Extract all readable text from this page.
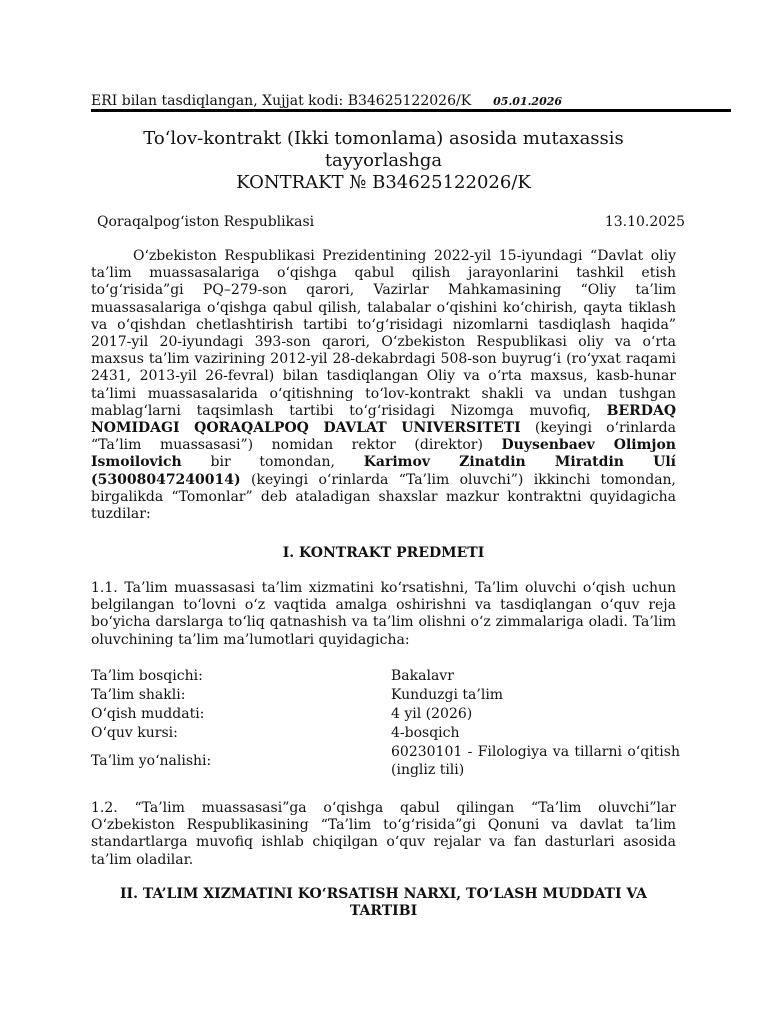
ERI bilan tasdiqlangan, Xujjat kodi: B34625122026/K 05.01.2026
To‘lov-kontrakt (Ikki tomonlama) asosida mutaxassis
tayyorlashga
KONTRAKT № B34625122026/K
Qoraqalpogʻiston Respublikasi	13.10.2025
O‘zbekiston Respublikasi Prezidentining 2022-yil 15-iyundagi “Davlat oliy ta’lim muassasalariga o‘qishga qabul qilish jarayonlarini tashkil etish to‘g‘risida”gi PQ–279-son qarori, Vazirlar Mahkamasining “Oliy ta’lim muassasalariga o‘qishga qabul qilish, talabalar o‘qishini ko‘chirish, qayta tiklash va o‘qishdan chetlashtirish tartibi to‘g‘risidagi nizomlarni tasdiqlash haqida” 2017-yil 20-iyundagi 393-son qarori, O‘zbekiston Respublikasi oliy va o‘rta maxsus ta’lim vazirining 2012-yil 28-dekabrdagi 508-son buyrug‘i (ro‘yxat raqami 2431, 2013-yil 26-fevral) bilan tasdiqlangan Oliy va o‘rta maxsus, kasb-hunar ta’limi muassasalarida o‘qitishning to‘lov-kontrakt shakli va undan tushgan mablag‘larni taqsimlash tartibi to‘g‘risidagi Nizomga muvofiq, BERDAQ NOMIDAGI QORAQALPOQ DAVLAT UNIVERSITETI (keyingi o‘rinlarda “Ta’lim muassasasi”) nomidan rektor (direktor) Duysenbaev Olimjon Ismoilovich bir tomondan, Karimov Zinatdin Miratdin Ulí (53008047240014) (keyingi o‘rinlarda “Ta’lim oluvchi”) ikkinchi tomondan, birgalikda “Tomonlar” deb ataladigan shaxslar mazkur kontraktni quyidagicha tuzdilar:
I. KONTRAKT PREDMETI
1.1. Ta’lim muassasasi ta’lim xizmatini ko‘rsatishni, Ta’lim oluvchi o‘qish uchun belgilangan to‘lovni o‘z vaqtida amalga oshirishni va tasdiqlangan o‘quv reja bo‘yicha darslarga to‘liq qatnashish va ta’lim olishni o‘z zimmalariga oladi. Ta’lim oluvchining ta’lim ma’lumotlari quyidagicha:
Ta’lim bosqichi:	Bakalavr
Ta’lim shakli:	Kunduzgi ta’lim
O‘qish muddati:	4 yil (2026)
O‘quv kursi:	4-bosqich
Ta’lim yo‘nalishi:
60230101 - Filologiya va tillarni o‘qitish (ingliz tili)
1.2. “Ta’lim muassasasi”ga o‘qishga qabul qilingan “Ta’lim oluvchi”lar O‘zbekiston Respublikasining “Ta’lim to‘g‘risida”gi Qonuni va davlat ta’lim standartlarga muvofiq ishlab chiqilgan o‘quv rejalar va fan dasturlari asosida ta’lim oladilar.
II. TA’LIM XIZMATINI KO‘RSATISH NARXI, TO‘LASH MUDDATI VA TARTIBI
